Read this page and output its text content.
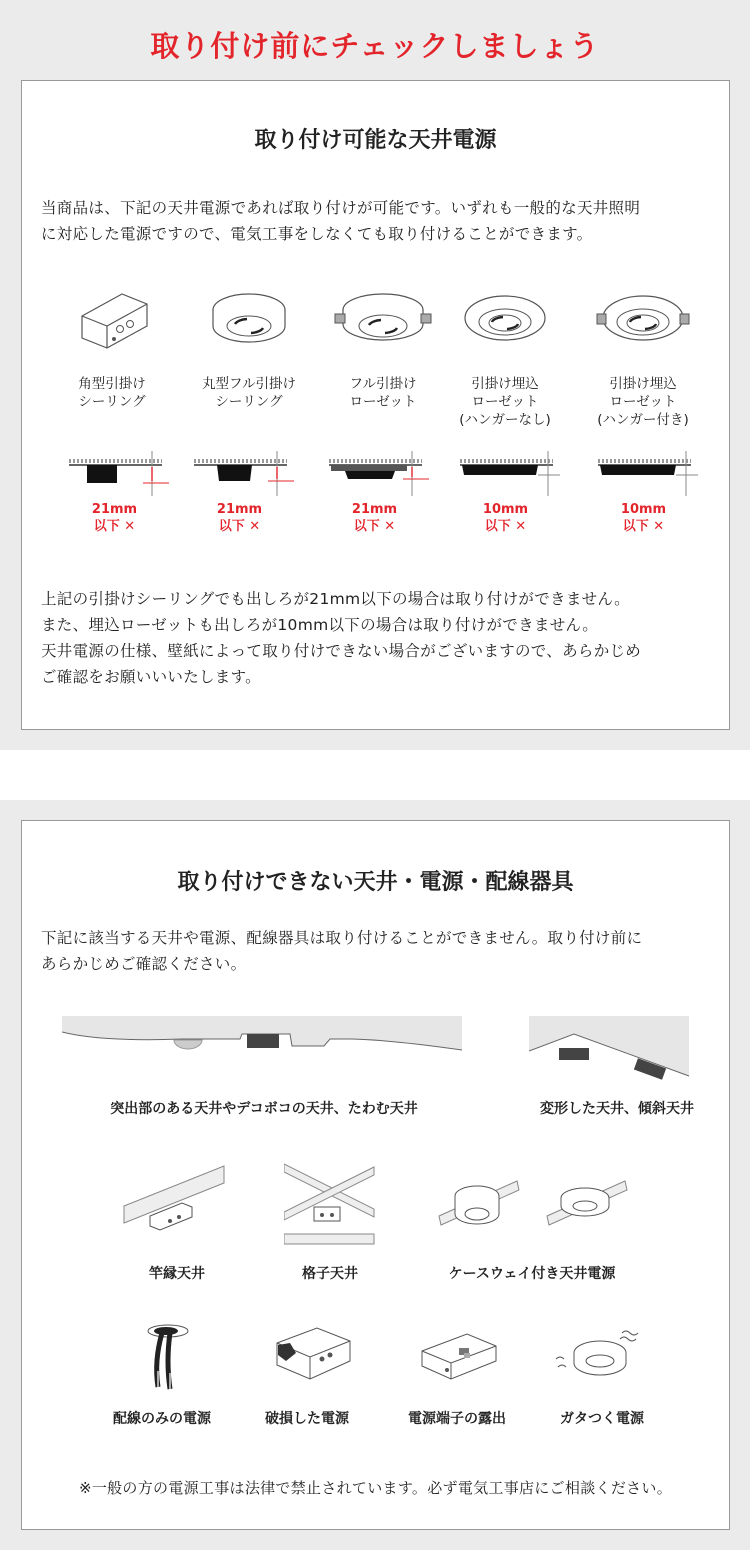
取り付け前にチェックしましょう
取り付け可能な天井電源
当商品は、下記の天井電源であれば取り付けが可能です。いずれも一般的な天井照明
に対応した電源ですので、電気工事をしなくても取り付けることができます。
角型引掛け
シーリング
丸型フル引掛け
シーリング
フル引掛け
ローゼット
引掛け埋込
ローゼット
(ハンガーなし)
引掛け埋込
ローゼット
(ハンガー付き)
21mm
以下 ✕
21mm
以下 ✕
21mm
以下 ✕
10mm
以下 ✕
10mm
以下 ✕
上記の引掛けシーリングでも出しろが21mm以下の場合は取り付けができません。
また、埋込ローゼットも出しろが10mm以下の場合は取り付けができません。
天井電源の仕様、壁紙によって取り付けできない場合がございますので、あらかじめ
ご確認をお願いいいたします。
取り付けできない天井・電源・配線器具
下記に該当する天井や電源、配線器具は取り付けることができません。取り付け前に
あらかじめご確認ください。
突出部のある天井やデコボコの天井、たわむ天井	変形した天井、傾斜天井
竿縁天井	格子天井	ケースウェイ付き天井電源
配線のみの電源	破損した電源	電源端子の露出	ガタつく電源
※一般の方の電源工事は法律で禁止されています。必ず電気工事店にご相談ください。
